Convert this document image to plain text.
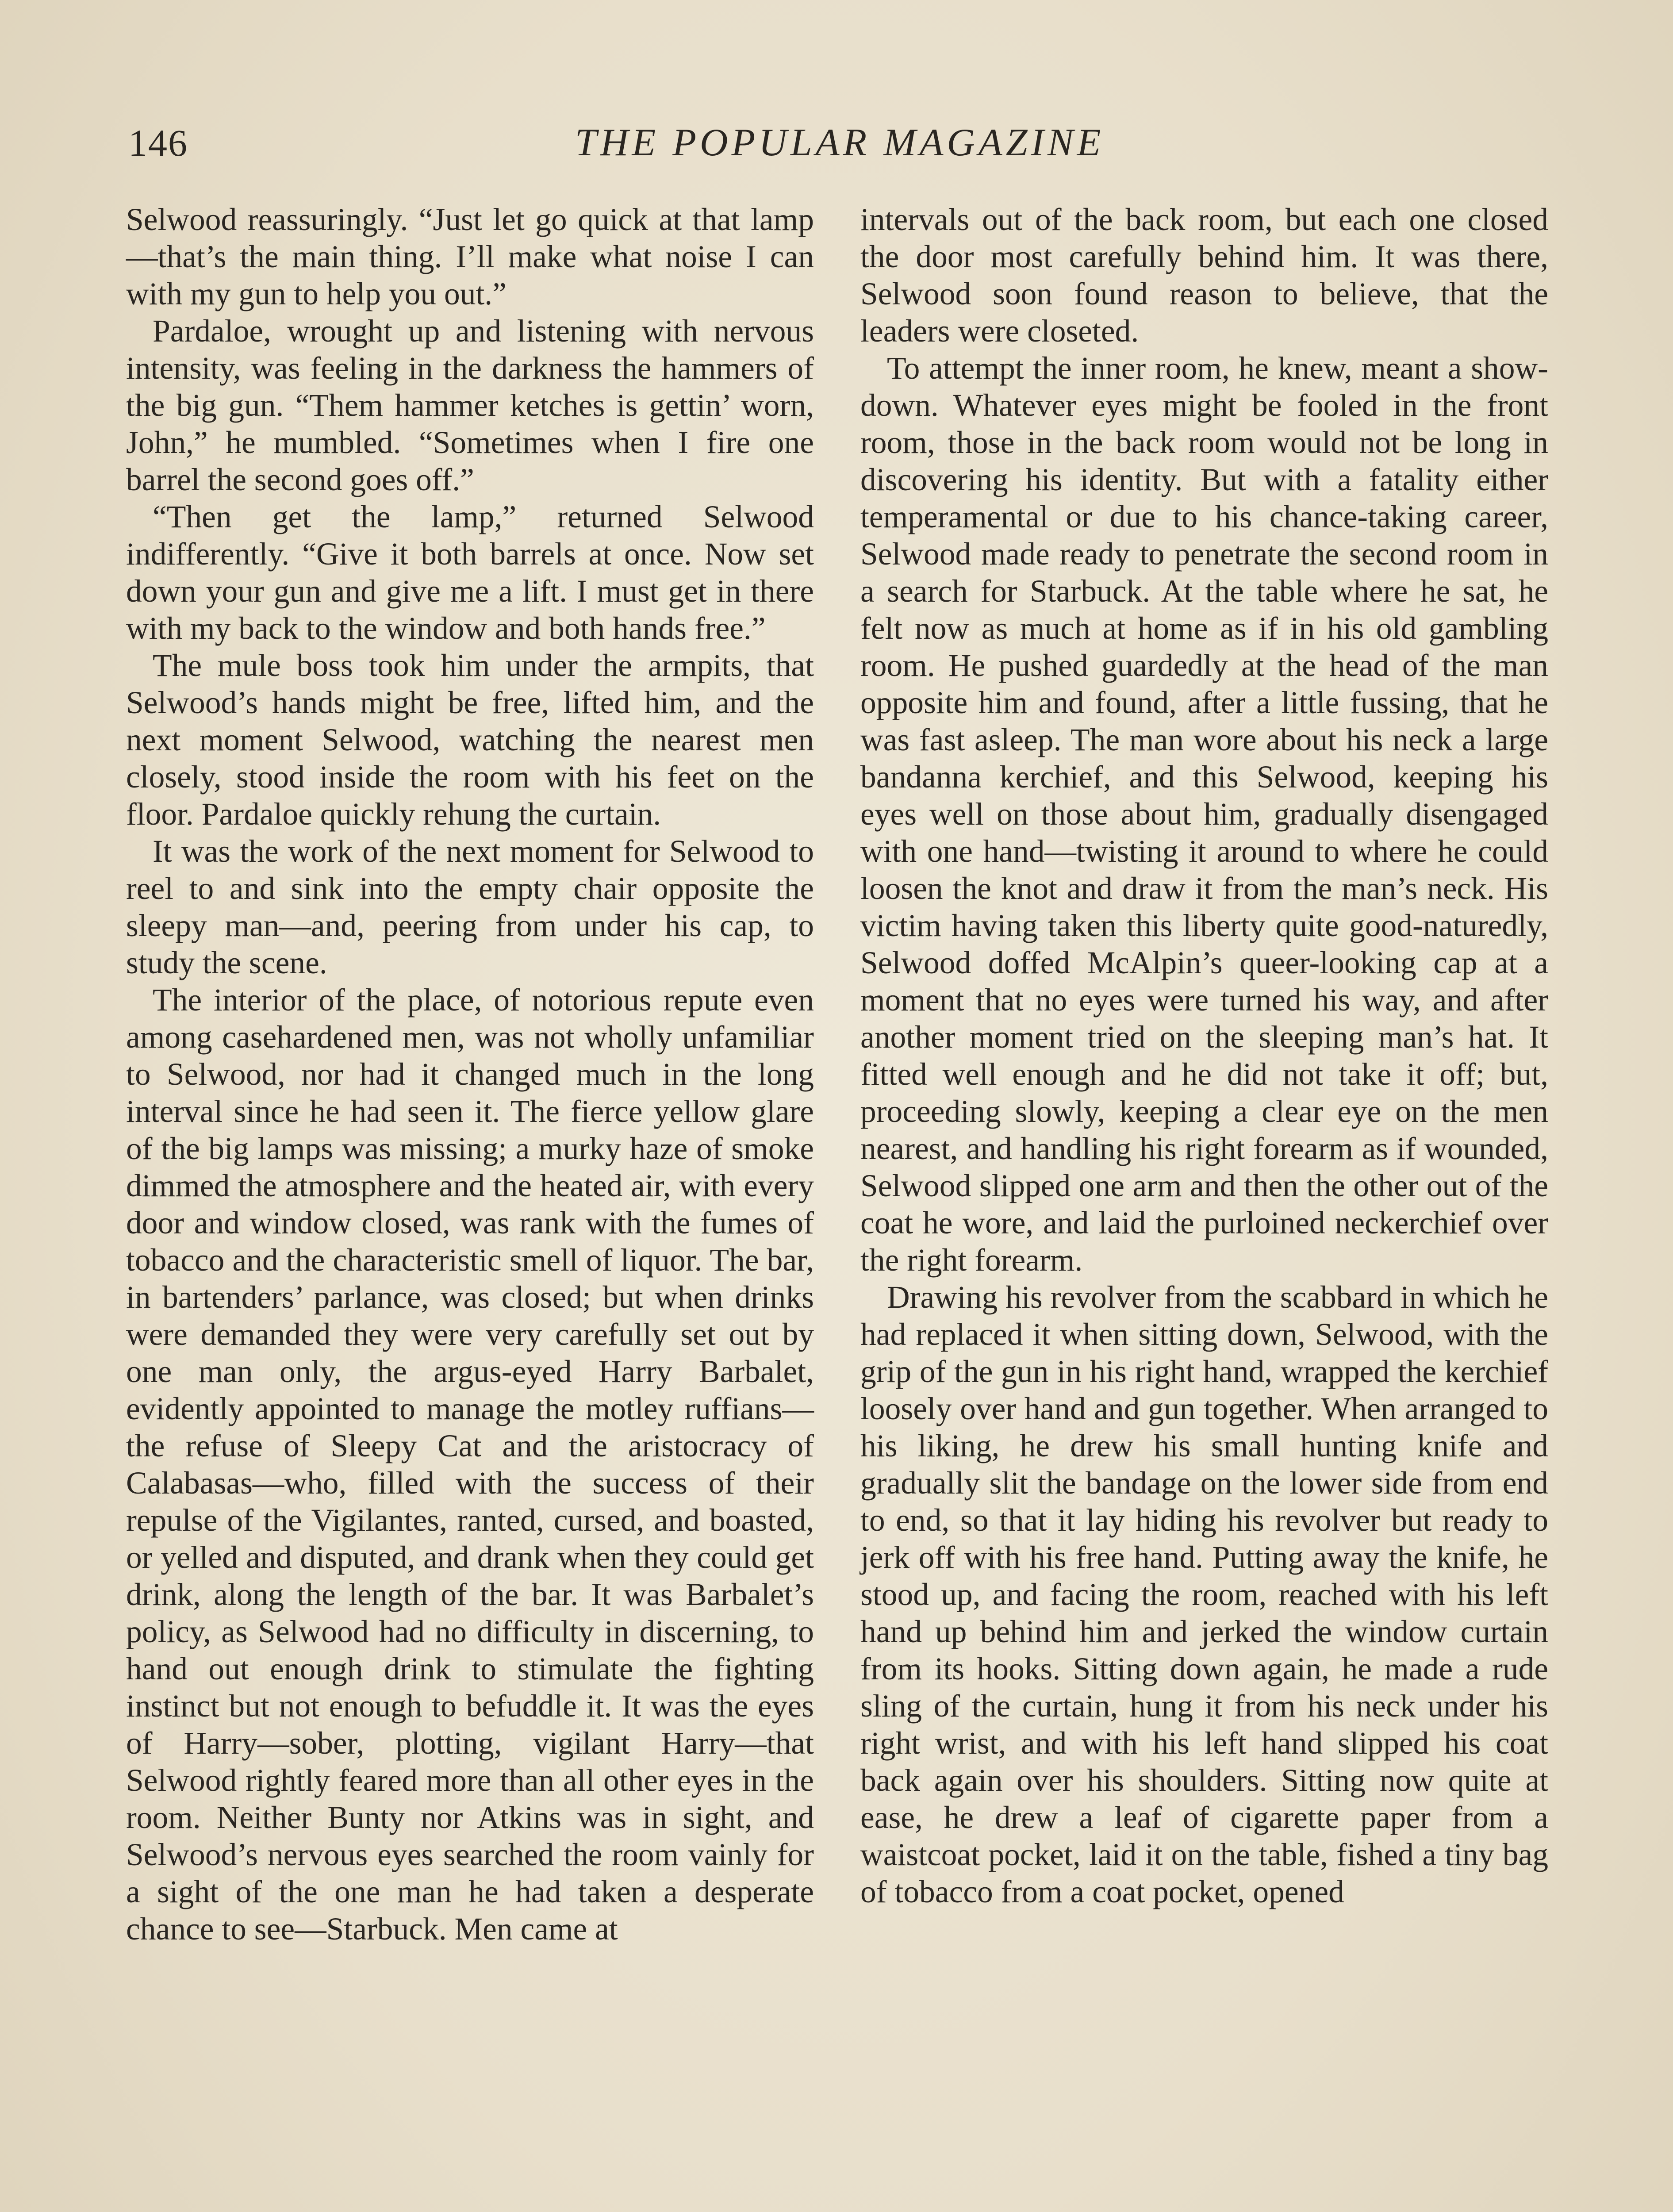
146	THE POPULAR MAGAZINE

Selwood reassuringly. “Just let go quick at that lamp—that’s the main thing. I’ll make what noise I can with my gun to help you out.”

Pardaloe, wrought up and listening with nervous intensity, was feeling in the darkness the hammers of the big gun. “Them hammer ketches is gettin’ worn, John,” he mumbled. “Sometimes when I fire one barrel the second goes off.”

“Then get the lamp,” returned Selwood indifferently. “Give it both barrels at once. Now set down your gun and give me a lift. I must get in there with my back to the window and both hands free.”

The mule boss took him under the armpits, that Selwood’s hands might be free, lifted him, and the next moment Selwood, watching the nearest men closely, stood inside the room with his feet on the floor. Pardaloe quickly rehung the curtain.

It was the work of the next moment for Selwood to reel to and sink into the empty chair opposite the sleepy man—and, peering from under his cap, to study the scene.

The interior of the place, of notorious repute even among casehardened men, was not wholly unfamiliar to Selwood, nor had it changed much in the long interval since he had seen it. The fierce yellow glare of the big lamps was missing; a murky haze of smoke dimmed the atmosphere and the heated air, with every door and window closed, was rank with the fumes of tobacco and the characteristic smell of liquor. The bar, in bartenders’ parlance, was closed; but when drinks were demanded they were very carefully set out by one man only, the argus-eyed Harry Barbalet, evidently appointed to manage the motley ruffians—the refuse of Sleepy Cat and the aristocracy of Calabasas—who, filled with the success of their repulse of the Vigilantes, ranted, cursed, and boasted, or yelled and disputed, and drank when they could get drink, along the length of the bar. It was Barbalet’s policy, as Selwood had no difficulty in discerning, to hand out enough drink to stimulate the fighting instinct but not enough to befuddle it. It was the eyes of Harry—sober, plotting, vigilant Harry—that Selwood rightly feared more than all other eyes in the room. Neither Bunty nor Atkins was in sight, and Selwood’s nervous eyes searched the room vainly for a sight of the one man he had taken a desperate chance to see—Starbuck. Men came at

intervals out of the back room, but each one closed the door most carefully behind him. It was there, Selwood soon found reason to believe, that the leaders were closeted.

To attempt the inner room, he knew, meant a show-down. Whatever eyes might be fooled in the front room, those in the back room would not be long in discovering his identity. But with a fatality either temperamental or due to his chance-taking career, Selwood made ready to penetrate the second room in a search for Starbuck. At the table where he sat, he felt now as much at home as if in his old gambling room. He pushed guardedly at the head of the man opposite him and found, after a little fussing, that he was fast asleep. The man wore about his neck a large bandanna kerchief, and this Selwood, keeping his eyes well on those about him, gradually disengaged with one hand—twisting it around to where he could loosen the knot and draw it from the man’s neck. His victim having taken this liberty quite good-naturedly, Selwood doffed McAlpin’s queer-looking cap at a moment that no eyes were turned his way, and after another moment tried on the sleeping man’s hat. It fitted well enough and he did not take it off; but, proceeding slowly, keeping a clear eye on the men nearest, and handling his right forearm as if wounded, Selwood slipped one arm and then the other out of the coat he wore, and laid the purloined neckerchief over the right forearm.

Drawing his revolver from the scabbard in which he had replaced it when sitting down, Selwood, with the grip of the gun in his right hand, wrapped the kerchief loosely over hand and gun together. When arranged to his liking, he drew his small hunting knife and gradually slit the bandage on the lower side from end to end, so that it lay hiding his revolver but ready to jerk off with his free hand. Putting away the knife, he stood up, and facing the room, reached with his left hand up behind him and jerked the window curtain from its hooks. Sitting down again, he made a rude sling of the curtain, hung it from his neck under his right wrist, and with his left hand slipped his coat back again over his shoulders. Sitting now quite at ease, he drew a leaf of cigarette paper from a waistcoat pocket, laid it on the table, fished a tiny bag of tobacco from a coat pocket, opened
